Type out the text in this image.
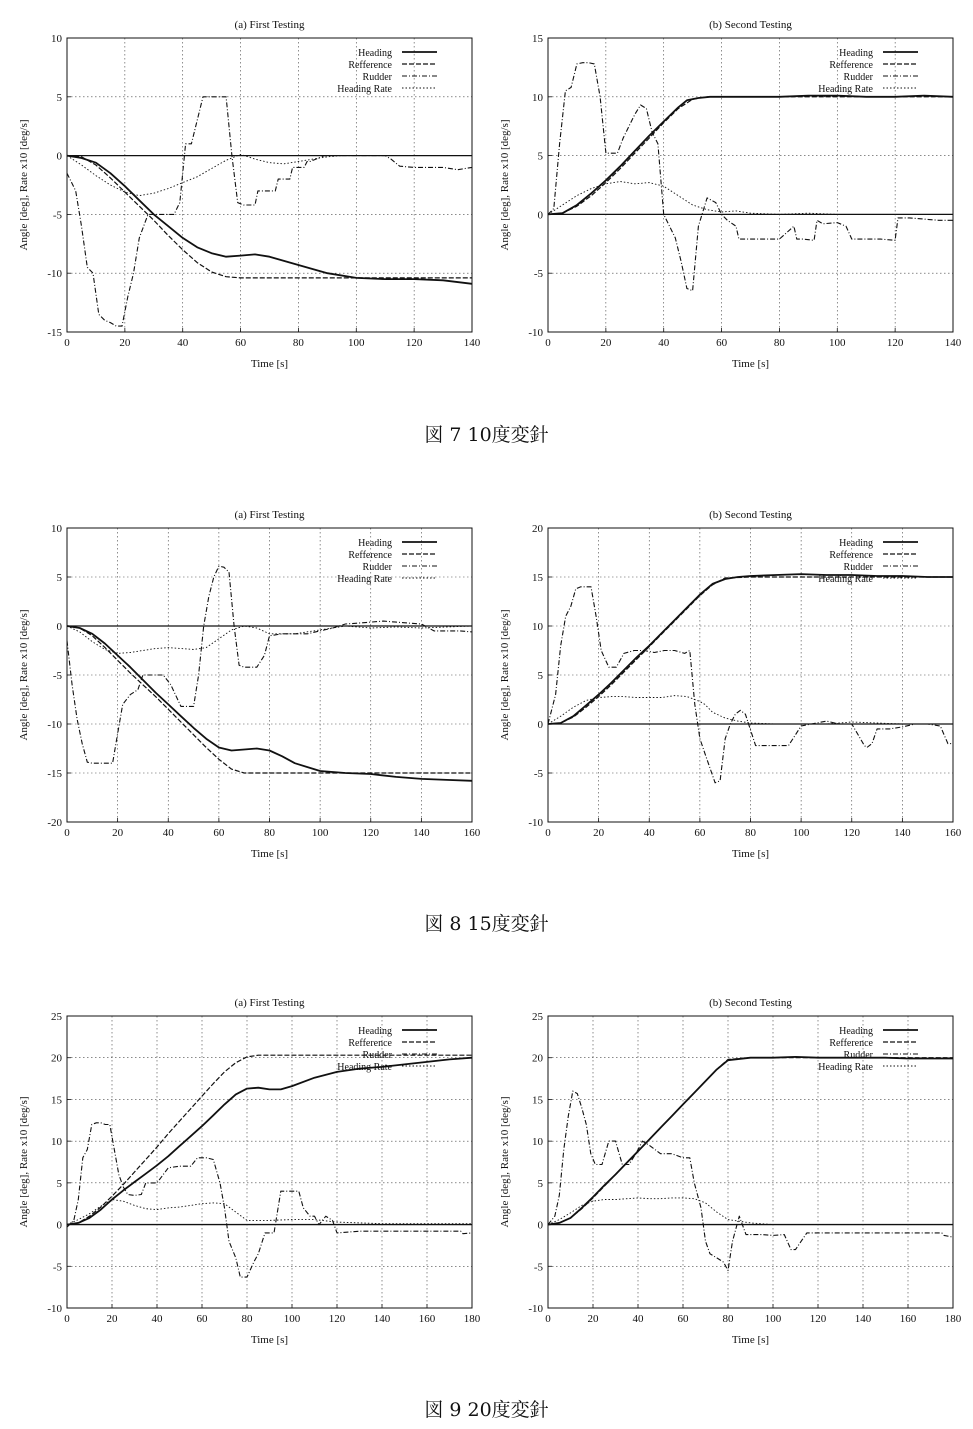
(a) First Testing
0	20	40	60	80	100	120	140
-15
-10
-5
0
5
10
Time [s]
Angle [deg], Rate x10 [deg/s]
Heading
Refference
Rudder
Heading Rate
(b) Second Testing
0	20	40	60	80	100	120	140
-10
-5
0
5
10
15
Time [s]
Angle [deg], Rate x10 [deg/s]
Heading
Refference
Rudder
Heading Rate
(a) First Testing
0	20	40	60	80	100	120	140	160
-20
-15
-10
-5
0
5
10
Time [s]
Angle [deg], Rate x10 [deg/s]
Heading
Refference
Rudder
Heading Rate
(b) Second Testing
0	20	40	60	80	100	120	140	160
-10
-5
0
5
10
15
20
Time [s]
Angle [deg], Rate x10 [deg/s]
Heading
Refference
Rudder
Heading Rate
(a) First Testing
0	20	40	60	80	100	120	140	160	180
-10
-5
0
5
10
15
20
25
Time [s]
Angle [deg], Rate x10 [deg/s]
Heading
Refference
Rudder
Heading Rate
(b) Second Testing
0	20	40	60	80	100	120	140	160	180
-10
-5
0
5
10
15
20
25
Time [s]
Angle [deg], Rate x10 [deg/s]
Heading
Refference
Rudder
Heading Rate
図 7 10度変針
図 8 15度変針
図 9 20度変針
